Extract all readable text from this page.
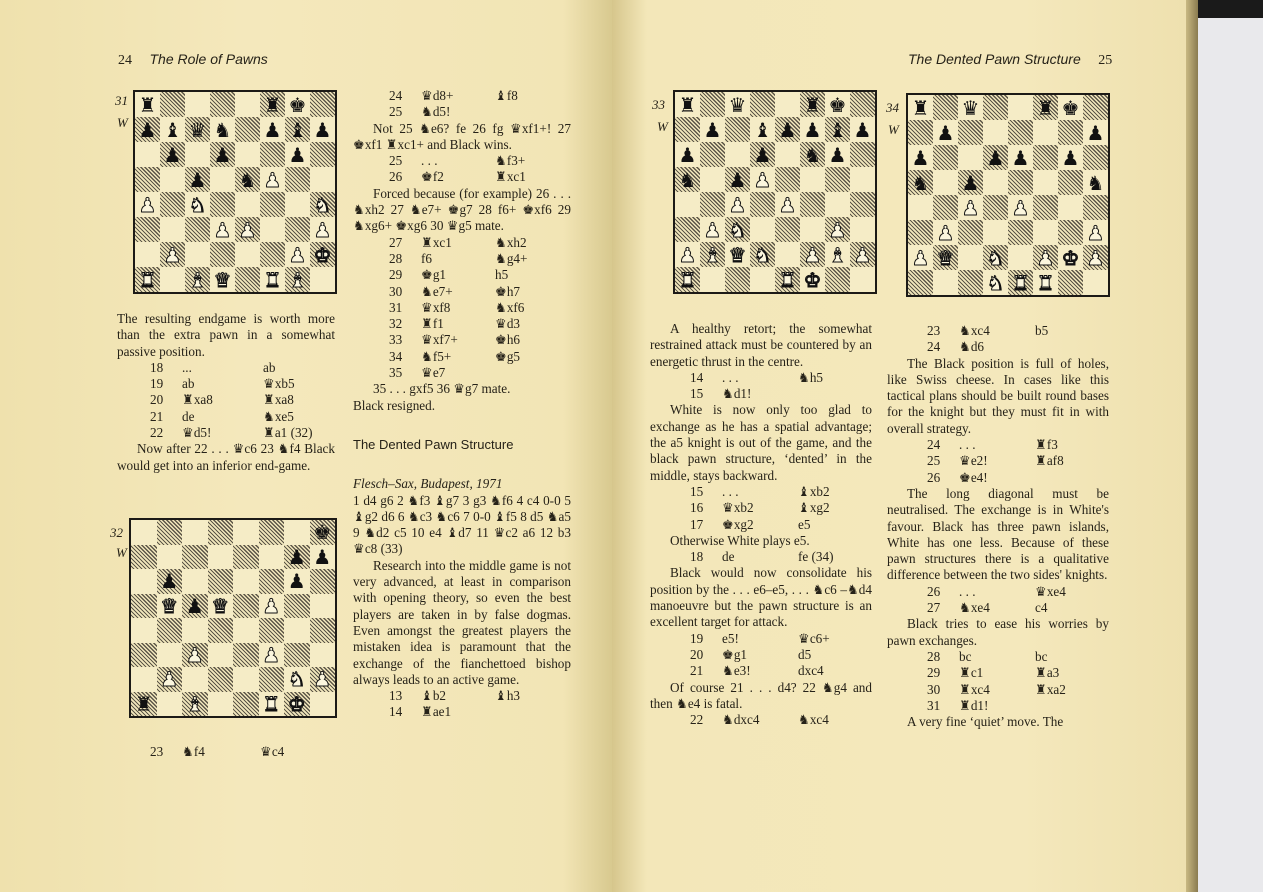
24 The Role of Pawns
31
W
♜	♜ ♚
♟ ♝ ♛ ♞ ♟ ♝ ♟
♟ ♟	♟
♟ ♞ ♟
♟ ♞	♞
♟ ♟	♟
♟	♟ ♚
♜ ♝ ♛ ♜ ♝

The resulting endgame is worth more than the extra pawn in a somewhat passive position.

18	...	ab
19	ab	♛xb5
20	♜xa8	♜xa8
21	de	♞xe5
22	♛d5!	♜a1 (32)

Now after 22 . . . ♛c6 23 ♞f4 Black would get into an inferior end-game.

32
W
♚
♟ ♟
♟	♟
♛ ♟ ♛ ♟
♟	♟
♟	♞ ♟
♜ ♝	♜ ♚
23	♞f4	♛c4
24	♛d8+	♝f8
25	♞d5!

Not 25 ♞e6? fe 26 fg ♛xf1+! 27 ♚xf1 ♜xc1+ and Black wins.

25	. . .	♞f3+
26	♚f2	♜xc1

Forced because (for example) 26 . . . ♞xh2 27 ♞e7+ ♚g7 28 f6+ ♚xf6 29 ♞xg6+ ♚xg6 30 ♛g5 mate.

27	♜xc1	♞xh2
28	f6	♞g4+
29	♚g1	h5
30	♞e7+	♚h7
31	♛xf8	♞xf6
32	♜f1	♛d3
33	♛xf7+	♚h6
34	♞f5+	♚g5
35	♛e7

35 . . . gxf5 36 ♛g7 mate.

Black resigned.

The Dented Pawn Structure

Flesch–Sax, Budapest, 1971

1 d4 g6 2 ♞f3 ♝g7 3 g3 ♞f6 4 c4 0-0 5 ♝g2 d6 6 ♞c3 ♞c6 7 0-0 ♝f5 8 d5 ♞a5 9 ♞d2 c5 10 e4 ♝d7 11 ♛c2 a6 12 b3 ♛c8 (33)

Research into the middle game is not very advanced, at least in comparison with opening theory, so even the best players are taken in by false dogmas. Even amongst the greatest players the mistaken idea is paramount that the exchange of the fianchettoed bishop always leads to an active game.

13	♝b2	♝h3
14	♜ae1
The Dented Pawn Structure 25
33
W
♜ ♛	♜ ♚
♟ ♝ ♟ ♟ ♝ ♟
♟	♟ ♞ ♟
♞ ♟ ♟
♟ ♟
♟ ♞	♟
♟ ♝ ♛ ♞ ♟ ♝ ♟
♜	♜ ♚
34
W
♜ ♛	♜ ♚
♟	♟
♟	♟ ♟ ♟
♞ ♟	♞
♟ ♟
♟	♟
♟ ♛ ♞ ♟ ♚ ♟
♞ ♜ ♜

A healthy retort; the somewhat restrained attack must be countered by an energetic thrust in the centre.

14	. . .	♞h5
15	♞d1!

White is now only too glad to exchange as he has a spatial advantage; the a5 knight is out of the game, and the black pawn structure, ‘dented’ in the middle, stays backward.

15	. . .	♝xb2
16	♛xb2	♝xg2
17	♚xg2	e5

Otherwise White plays e5.

18	de	fe (34)

Black would now consolidate his position by the . . . e6–e5, . . . ♞c6 –♞d4 manoeuvre but the pawn structure is an excellent target for attack.

19	e5!	♛c6+
20	♚g1	d5
21	♞e3!	dxc4

Of course 21 . . . d4? 22 ♞g4 and then ♞e4 is fatal.

22	♞dxc4	♞xc4
23	♞xc4	b5
24	♞d6

The Black position is full of holes, like Swiss cheese. In cases like this tactical plans should be built round bases for the knight but they must fit in with overall strategy.

24	. . .	♜f3
25	♛e2!	♜af8
26	♚e4!

The long diagonal must be neutralised. The exchange is in White's favour. Black has three pawn islands, White has one less. Because of these pawn structures there is a qualitative difference between the two sides' knights.

26	. . .	♛xe4
27	♞xe4	c4

Black tries to ease his worries by pawn exchanges.

28	bc	bc
29	♜c1	♜a3
30	♜xc4	♜xa2
31	♜d1!

A very fine ‘quiet’ move. The
